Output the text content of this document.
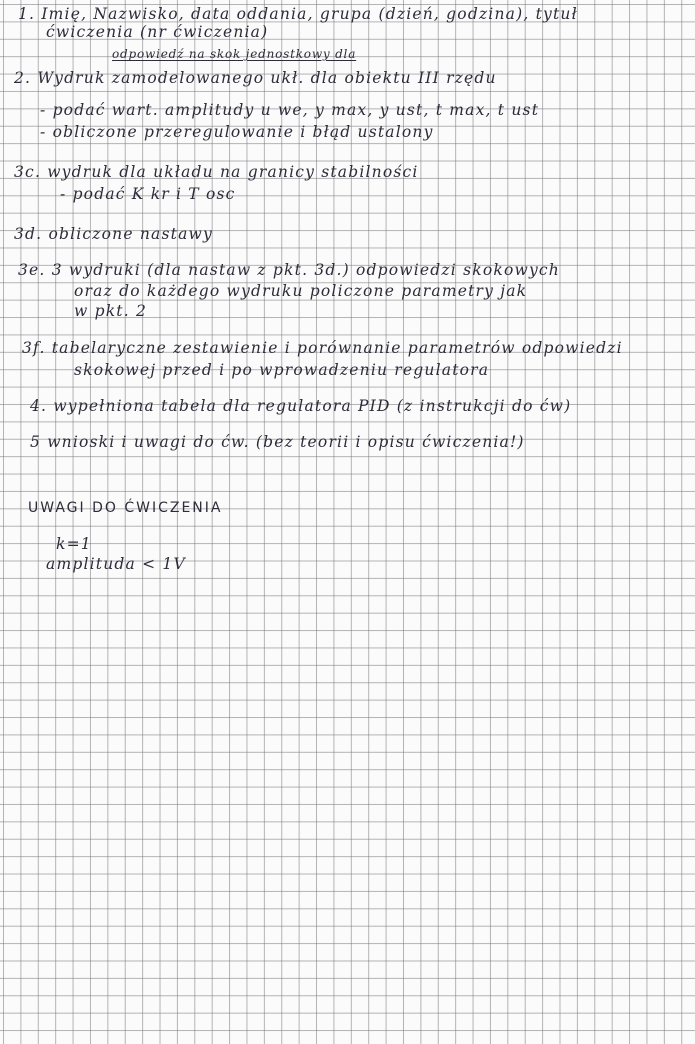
1. Imię, Nazwisko, data oddania, grupa (dzień, godzina), tytuł

ćwiczenia (nr ćwiczenia)

odpowiedź na skok jednostkowy dla

2. Wydruk zamodelowanego ukł. dla obiektu III rzędu

- podać wart. amplitudy u we, y max, y ust, t max, t ust

- obliczone przeregulowanie i błąd ustalony

3c. wydruk dla układu na granicy stabilności

- podać K kr i T osc

3d. obliczone nastawy

3e. 3 wydruki (dla nastaw z pkt. 3d.) odpowiedzi skokowych

oraz do każdego wydruku policzone parametry jak

w pkt. 2

3f. tabelaryczne zestawienie i porównanie parametrów odpowiedzi

skokowej przed i po wprowadzeniu regulatora

4. wypełniona tabela dla regulatora PID (z instrukcji do ćw)

5 wnioski i uwagi do ćw. (bez teorii i opisu ćwiczenia!)

UWAGI DO ĆWICZENIA

k=1

amplituda < 1V
